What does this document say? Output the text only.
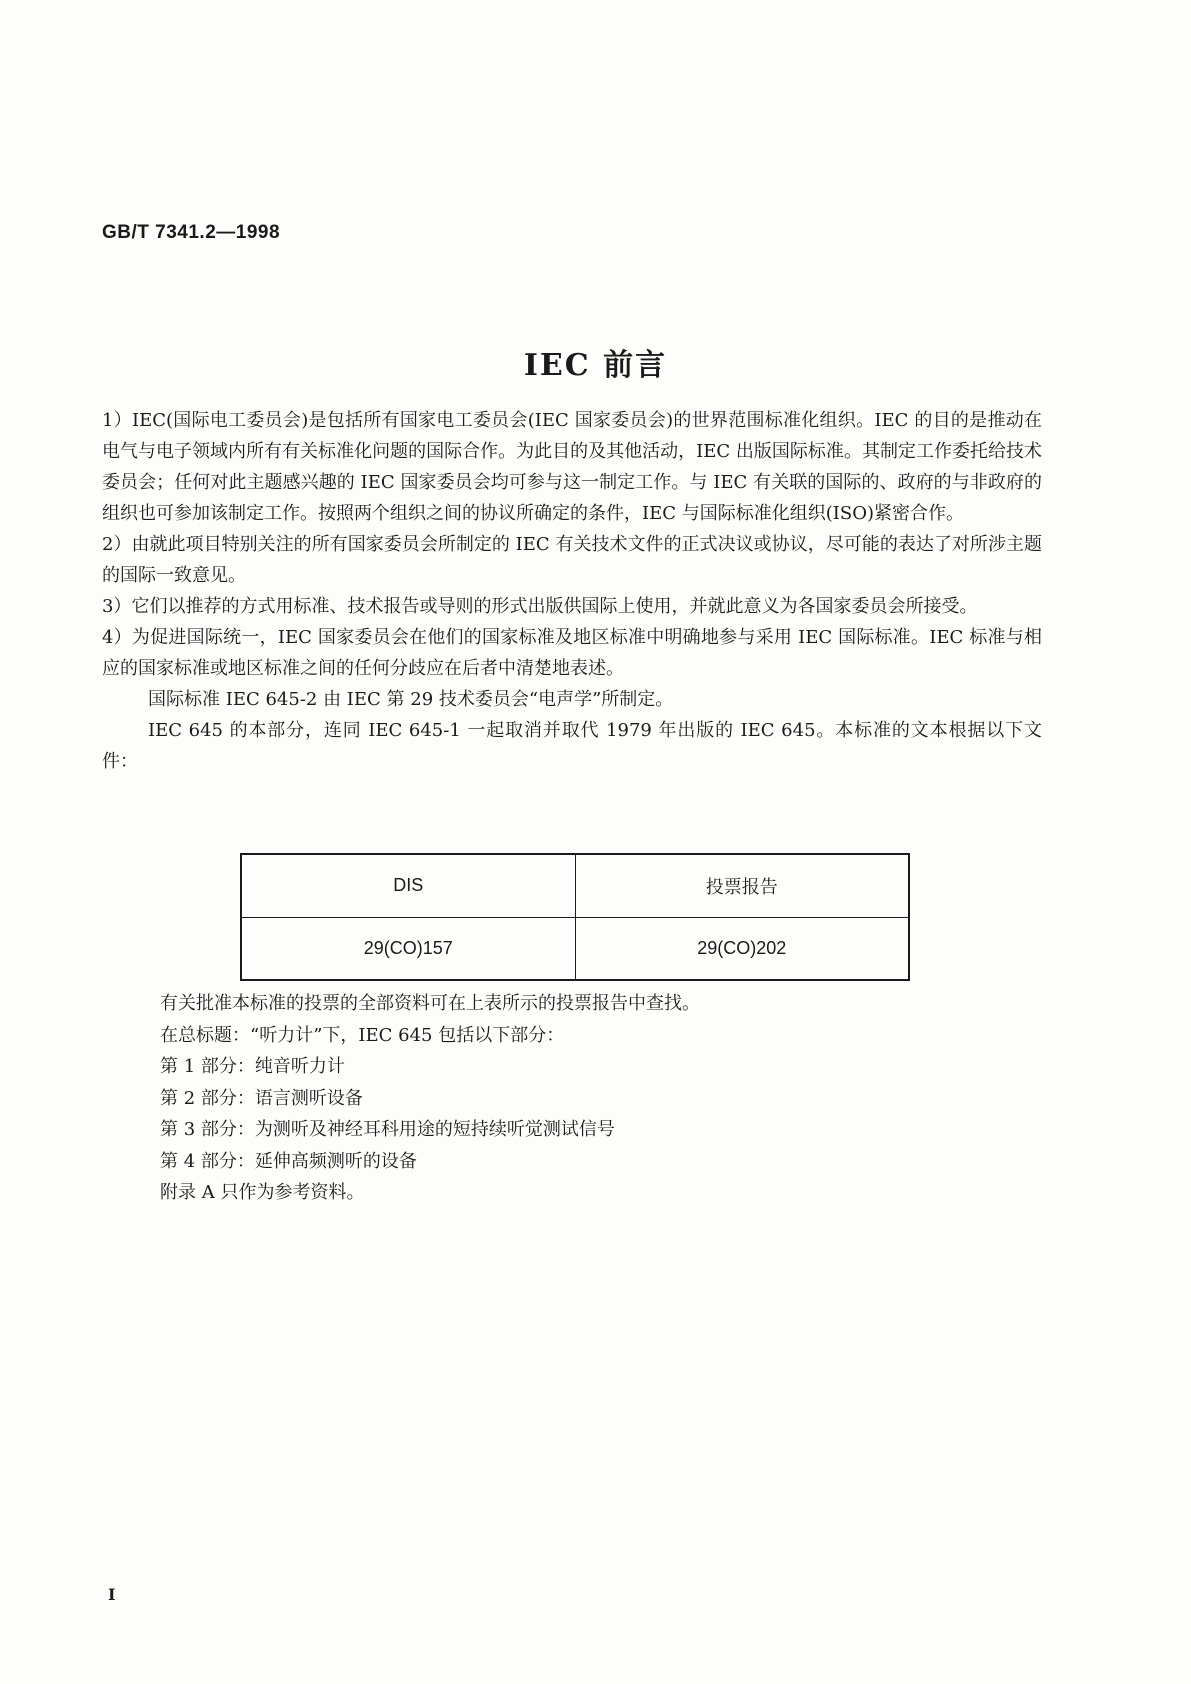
GB/T 7341.2—1998
IEC 前言

1）IEC(国际电工委员会)是包括所有国家电工委员会(IEC 国家委员会)的世界范围标准化组织。IEC 的目的是推动在电气与电子领域内所有有关标准化问题的国际合作。为此目的及其他活动，IEC 出版国际标准。其制定工作委托给技术委员会；任何对此主题感兴趣的 IEC 国家委员会均可参与这一制定工作。与 IEC 有关联的国际的、政府的与非政府的组织也可参加该制定工作。按照两个组织之间的协议所确定的条件，IEC 与国际标准化组织(ISO)紧密合作。

2）由就此项目特别关注的所有国家委员会所制定的 IEC 有关技术文件的正式决议或协议，尽可能的表达了对所涉主题的国际一致意见。

3）它们以推荐的方式用标准、技术报告或导则的形式出版供国际上使用，并就此意义为各国家委员会所接受。

4）为促进国际统一，IEC 国家委员会在他们的国家标准及地区标准中明确地参与采用 IEC 国际标准。IEC 标准与相应的国家标准或地区标准之间的任何分歧应在后者中清楚地表述。

国际标准 IEC 645-2 由 IEC 第 29 技术委员会“电声学”所制定。

IEC 645 的本部分，连同 IEC 645-1 一起取消并取代 1979 年出版的 IEC 645。本标准的文本根据以下文件：

DIS	投票报告
29(CO)157	29(CO)202
有关批准本标准的投票的全部资料可在上表所示的投票报告中查找。
在总标题：“听力计”下，IEC 645 包括以下部分：
第 1 部分：纯音听力计
第 2 部分：语言测听设备
第 3 部分：为测听及神经耳科用途的短持续听觉测试信号
第 4 部分：延伸高频测听的设备
附录 A 只作为参考资料。
I
